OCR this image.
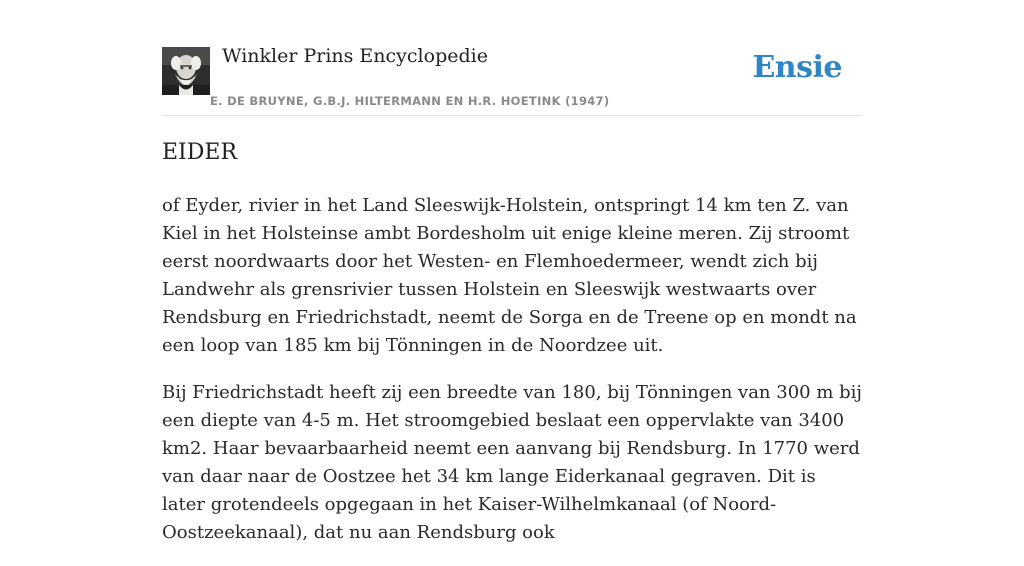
Winkler Prins Encyclopedie
E. DE BRUYNE, G.B.J. HILTERMANN EN H.R. HOETINK (1947)
Ensie
EIDER

of Eyder, rivier in het Land Sleeswijk-Holstein, ontspringt 14 km ten Z. van Kiel in het Holsteinse ambt Bordesholm uit enige kleine meren. Zij stroomt eerst noordwaarts door het Westen- en Flemhoedermeer, wendt zich bij Landwehr als grensrivier tussen Holstein en Sleeswijk westwaarts over Rendsburg en Friedrichstadt, neemt de Sorga en de Treene op en mondt na een loop van 185 km bij Tönningen in de Noordzee uit.

Bij Friedrichstadt heeft zij een breedte van 180, bij Tönningen van 300 m bij een diepte van 4-5 m. Het stroomgebied beslaat een oppervlakte van 3400 km2. Haar bevaarbaarheid neemt een aanvang bij Rendsburg. In 1770 werd van daar naar de Oostzee het 34 km lange Eiderkanaal gegraven. Dit is later grotendeels opgegaan in het Kaiser-Wilhelmkanaal (of Noord-Oostzeekanaal), dat nu aan Rendsburg ook
